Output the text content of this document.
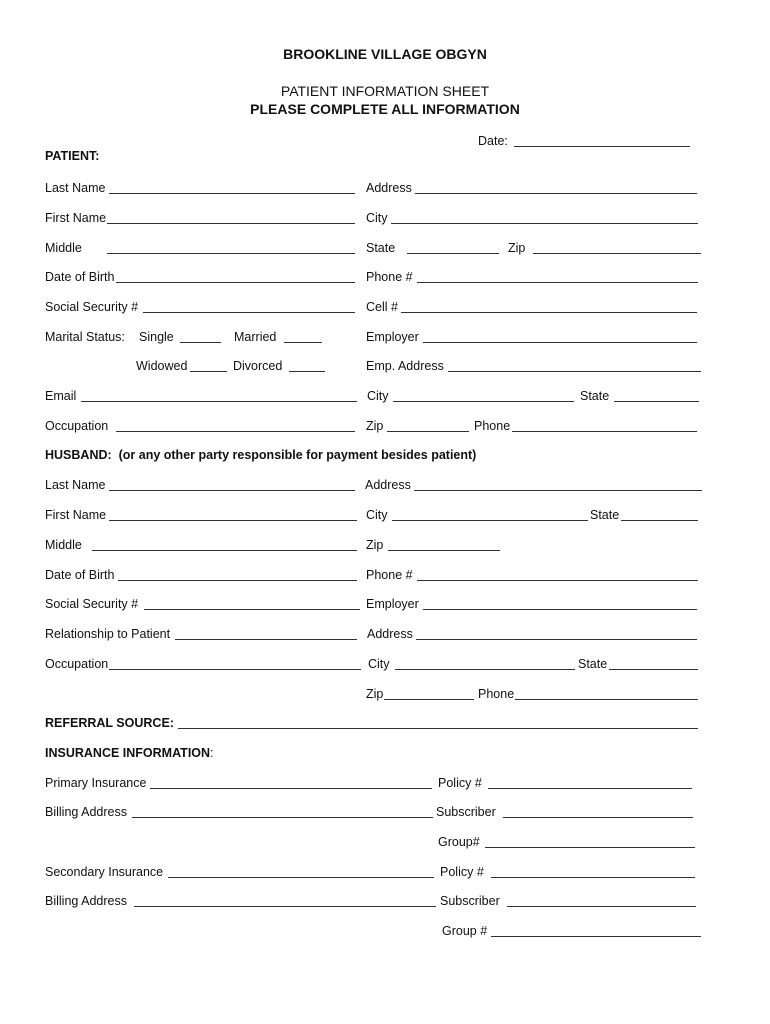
BROOKLINE VILLAGE OBGYN
PATIENT INFORMATION SHEET
PLEASE COMPLETE ALL INFORMATION
Date:
PATIENT:
Last Name	Address
First Name	City
Middle	State	Zip
Date of Birth	Phone #
Social Security #	Cell #
Marital Status: Single	Married	Employer
Widowed	Divorced	Emp. Address
Email	City	State
Occupation	Zip	Phone
HUSBAND:  (or any other party responsible for payment besides patient)
Last Name	Address
First Name	City	State
Middle	Zip
Date of Birth	Phone #
Social Security #	Employer
Relationship to Patient	Address
Occupation	City	State
Zip	Phone
REFERRAL SOURCE:
INSURANCE INFORMATION:
Primary Insurance	Policy #
Billing Address	Subscriber
Group#
Secondary Insurance	Policy #
Billing Address	Subscriber
Group #
